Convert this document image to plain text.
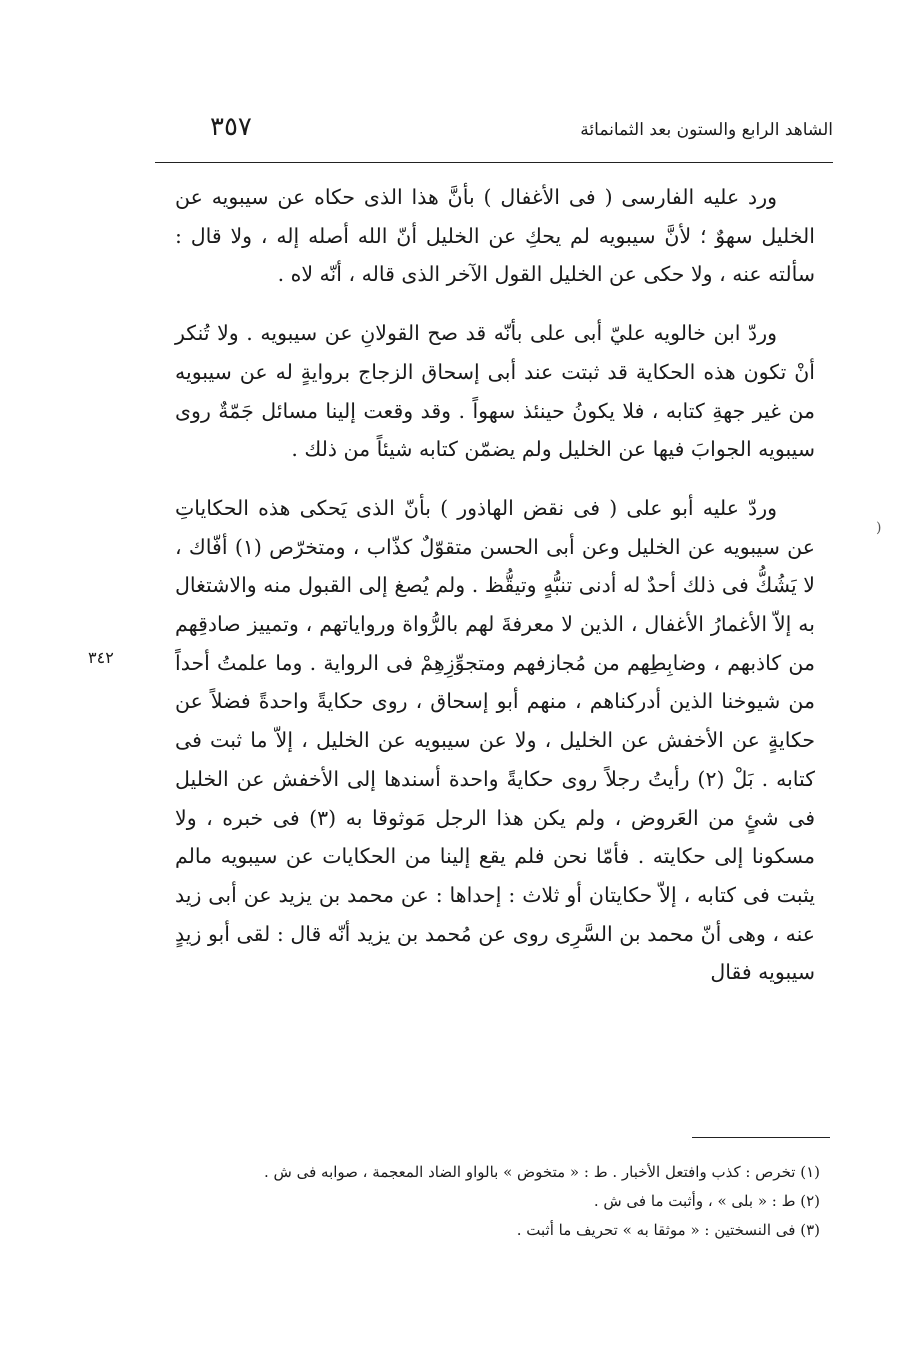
الشاهد الرابع والستون بعد الثمانمائة
٣٥٧
)
٣٤٢

ورد عليه الفارسى ( فى الأغفال ) بأنَّ هذا الذى حكاه عن سيبويه عن الخليل سهوٌ ؛ لأنَّ سيبويه لم يحكِ عن الخليل أنّ الله أصله إله ، ولا قال : سألته عنه ، ولا حكى عن الخليل القول الآخر الذى قاله ، أنّه لاه .

وردّ ابن خالويه عليّ أبى على بأنّه قد صح القولانِ عن سيبويه . ولا تُنكر أنْ تكون هذه الحكاية قد ثبتت عند أبى إسحاق الزجاج بروايةٍ له عن سيبويه من غير جهةِ كتابه ، فلا يكونُ حينئذ سهواً . وقد وقعت إلينا مسائل جَمّةٌ روى سيبويه الجوابَ فيها عن الخليل ولم يضمّن كتابه شيئاً من ذلك .

وردّ عليه أبو على ( فى نقض الهاذور ) بأنّ الذى يَحكى هذه الحكاياتِ عن سيبويه عن الخليل وعن أبى الحسن متقوّلٌ كذّاب ، ومتخرّص (١) أفّاك ، لا يَشُكُّ فى ذلك أحدٌ له أدنى تنبُّهٍ وتيقُّظ . ولم يُصغ إلى القبول منه والاشتغال به إلاّ الأغمارُ الأغفال ، الذين لا معرفةَ لهم بالرُّواة ورواياتهم ، وتمييز صادقِهم من كاذبهم ، وضابِطِهم من مُجازفهم ومتجوِّزِهِمْ فى الرواية . وما علمتُ أحداً من شيوخنا الذين أدركناهم ، منهم أبو إسحاق ، روى حكايةً واحدةً فضلاً عن حكايةٍ عن الأخفش عن الخليل ، ولا عن سيبويه عن الخليل ، إلاّ ما ثبت فى كتابه . بَلْ (٢) رأيتُ رجلاً روى حكايةً واحدة أسندها إلى الأخفش عن الخليل فى شئٍ من العَروض ، ولم يكن هذا الرجل مَوثوقا به (٣) فى خبره ، ولا مسكونا إلى حكايته . فأمّا نحن فلم يقع إلينا من الحكايات عن سيبويه مالم يثبت فى كتابه ، إلاّ حكايتان أو ثلاث : إحداها : عن محمد بن يزيد عن أبى زيد عنه ، وهى أنّ محمد بن السَّرِى روى عن مُحمد بن يزيد أنّه قال : لقى أبو زيدٍ سيبويه فقال

(١) تخرص : كذب وافتعل الأخبار . ط : « متخوض » بالواو الضاد المعجمة ، صوابه فى ش .

(٢) ط : « بلى » ، وأثبت ما فى ش .

(٣) فى النسختين : « موثقا به » تحريف ما أثبت .
